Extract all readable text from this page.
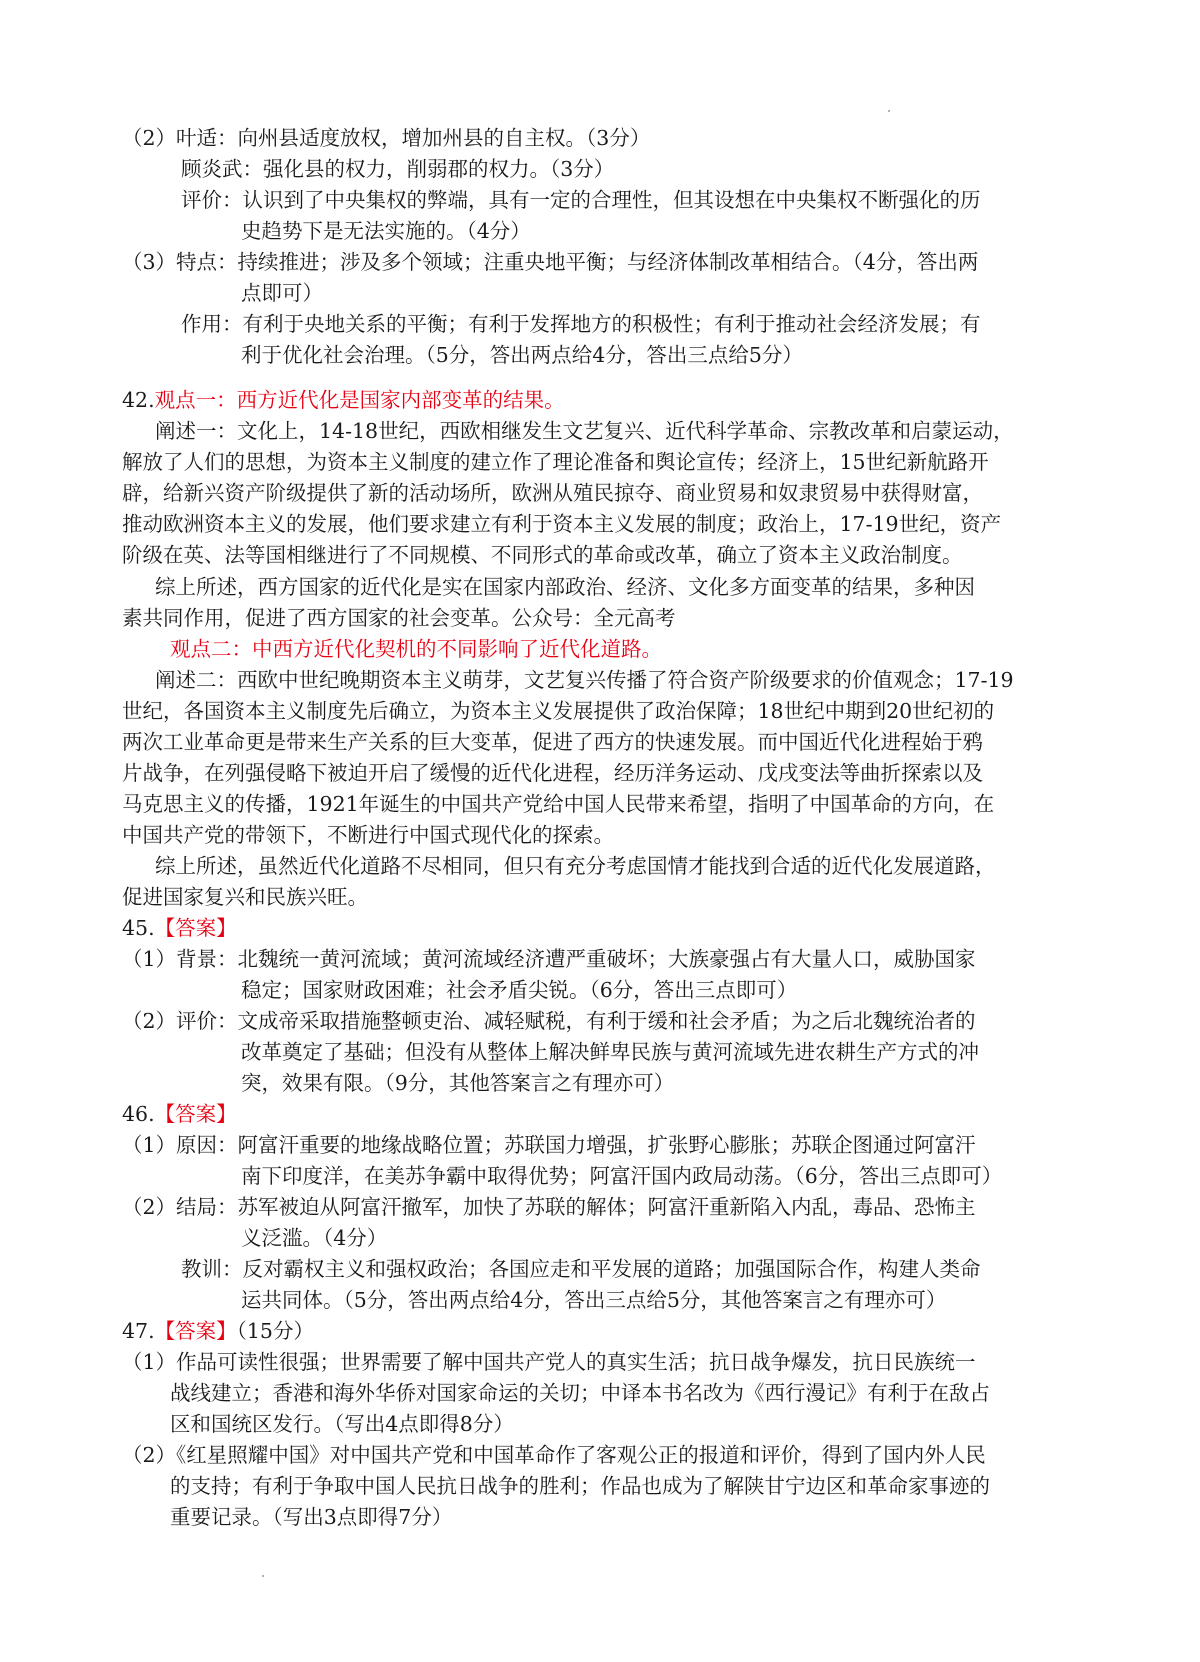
（2）叶适：向州县适度放权，增加州县的自主权。（3分）
顾炎武：强化县的权力，削弱郡的权力。（3分）
评价：认识到了中央集权的弊端，具有一定的合理性，但其设想在中央集权不断强化的历
史趋势下是无法实施的。（4分）
（3）特点：持续推进；涉及多个领域；注重央地平衡；与经济体制改革相结合。（4分，答出两
点即可）
作用：有利于央地关系的平衡；有利于发挥地方的积极性；有利于推动社会经济发展；有
利于优化社会治理。（5分，答出两点给4分，答出三点给5分）
42.观点一：西方近代化是国家内部变革的结果。
阐述一：文化上，14-18世纪，西欧相继发生文艺复兴、近代科学革命、宗教改革和启蒙运动，
解放了人们的思想，为资本主义制度的建立作了理论准备和舆论宣传；经济上，15世纪新航路开
辟，给新兴资产阶级提供了新的活动场所，欧洲从殖民掠夺、商业贸易和奴隶贸易中获得财富，
推动欧洲资本主义的发展，他们要求建立有利于资本主义发展的制度；政治上，17-19世纪，资产
阶级在英、法等国相继进行了不同规模、不同形式的革命或改革，确立了资本主义政治制度。
综上所述，西方国家的近代化是实在国家内部政治、经济、文化多方面变革的结果，多种因
素共同作用，促进了西方国家的社会变革。公众号：全元高考
观点二：中西方近代化契机的不同影响了近代化道路。
阐述二：西欧中世纪晚期资本主义萌芽，文艺复兴传播了符合资产阶级要求的价值观念；17-19
世纪，各国资本主义制度先后确立，为资本主义发展提供了政治保障；18世纪中期到20世纪初的
两次工业革命更是带来生产关系的巨大变革，促进了西方的快速发展。而中国近代化进程始于鸦
片战争，在列强侵略下被迫开启了缓慢的近代化进程，经历洋务运动、戊戌变法等曲折探索以及
马克思主义的传播，1921年诞生的中国共产党给中国人民带来希望，指明了中国革命的方向，在
中国共产党的带领下，不断进行中国式现代化的探索。
综上所述，虽然近代化道路不尽相同，但只有充分考虑国情才能找到合适的近代化发展道路，
促进国家复兴和民族兴旺。
45.【答案】
（1）背景：北魏统一黄河流域；黄河流域经济遭严重破坏；大族豪强占有大量人口，威胁国家
稳定；国家财政困难；社会矛盾尖锐。（6分，答出三点即可）
（2）评价：文成帝采取措施整顿吏治、减轻赋税，有利于缓和社会矛盾；为之后北魏统治者的
改革奠定了基础；但没有从整体上解决鲜卑民族与黄河流域先进农耕生产方式的冲
突，效果有限。（9分，其他答案言之有理亦可）
46.【答案】
（1）原因：阿富汗重要的地缘战略位置；苏联国力增强，扩张野心膨胀；苏联企图通过阿富汗
南下印度洋，在美苏争霸中取得优势；阿富汗国内政局动荡。（6分，答出三点即可）
（2）结局：苏军被迫从阿富汗撤军，加快了苏联的解体；阿富汗重新陷入内乱，毒品、恐怖主
义泛滥。（4分）
教训：反对霸权主义和强权政治；各国应走和平发展的道路；加强国际合作，构建人类命
运共同体。（5分，答出两点给4分，答出三点给5分，其他答案言之有理亦可）
47.【答案】（15分）
（1）作品可读性很强；世界需要了解中国共产党人的真实生活；抗日战争爆发，抗日民族统一
战线建立；香港和海外华侨对国家命运的关切；中译本书名改为《西行漫记》有利于在敌占
区和国统区发行。（写出4点即得8分）
（2）《红星照耀中国》对中国共产党和中国革命作了客观公正的报道和评价，得到了国内外人民
的支持；有利于争取中国人民抗日战争的胜利；作品也成为了解陕甘宁边区和革命家事迹的
重要记录。（写出3点即得7分）
